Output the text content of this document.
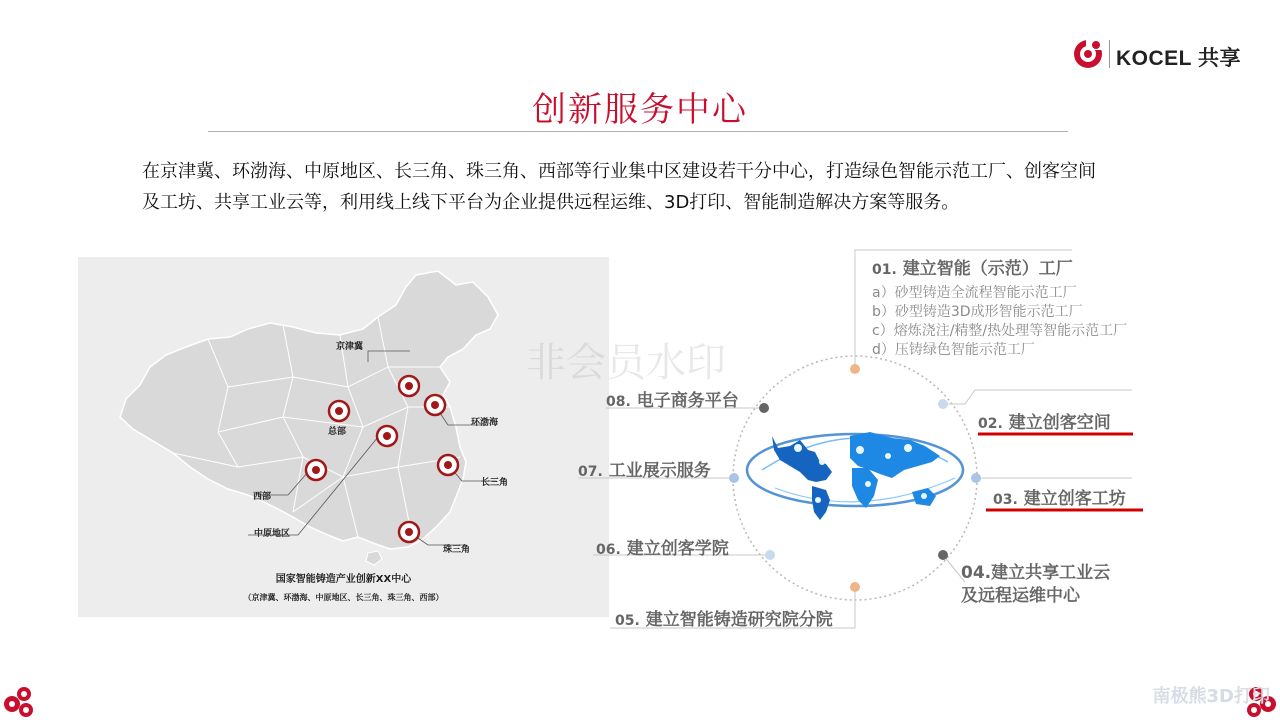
KOCEL 共享
创新服务中心
在京津冀、环渤海、中原地区、长三角、珠三角、西部等行业集中区建设若干分中心，打造绿色智能示范工厂、创客空间
及工坊、共享工业云等，利用线上线下平台为企业提供远程运维、3D打印、智能制造解决方案等服务。
京津冀
环渤海
总部
长三角
西部
中原地区
珠三角
国家智能铸造产业创新XX中心
（京津冀、环渤海、中原地区、长三角、珠三角、西部）
非会员水印
01. 建立智能（示范）工厂
a）砂型铸造全流程智能示范工厂
b）砂型铸造3D成形智能示范工厂
c）熔炼浇注/精整/热处理等智能示范工厂
d）压铸绿色智能示范工厂
02. 建立创客空间
03. 建立创客工坊
04.建立共享工业云
及远程运维中心
05. 建立智能铸造研究院分院
06. 建立创客学院
07. 工业展示服务
08. 电子商务平台
南极熊3D打印
